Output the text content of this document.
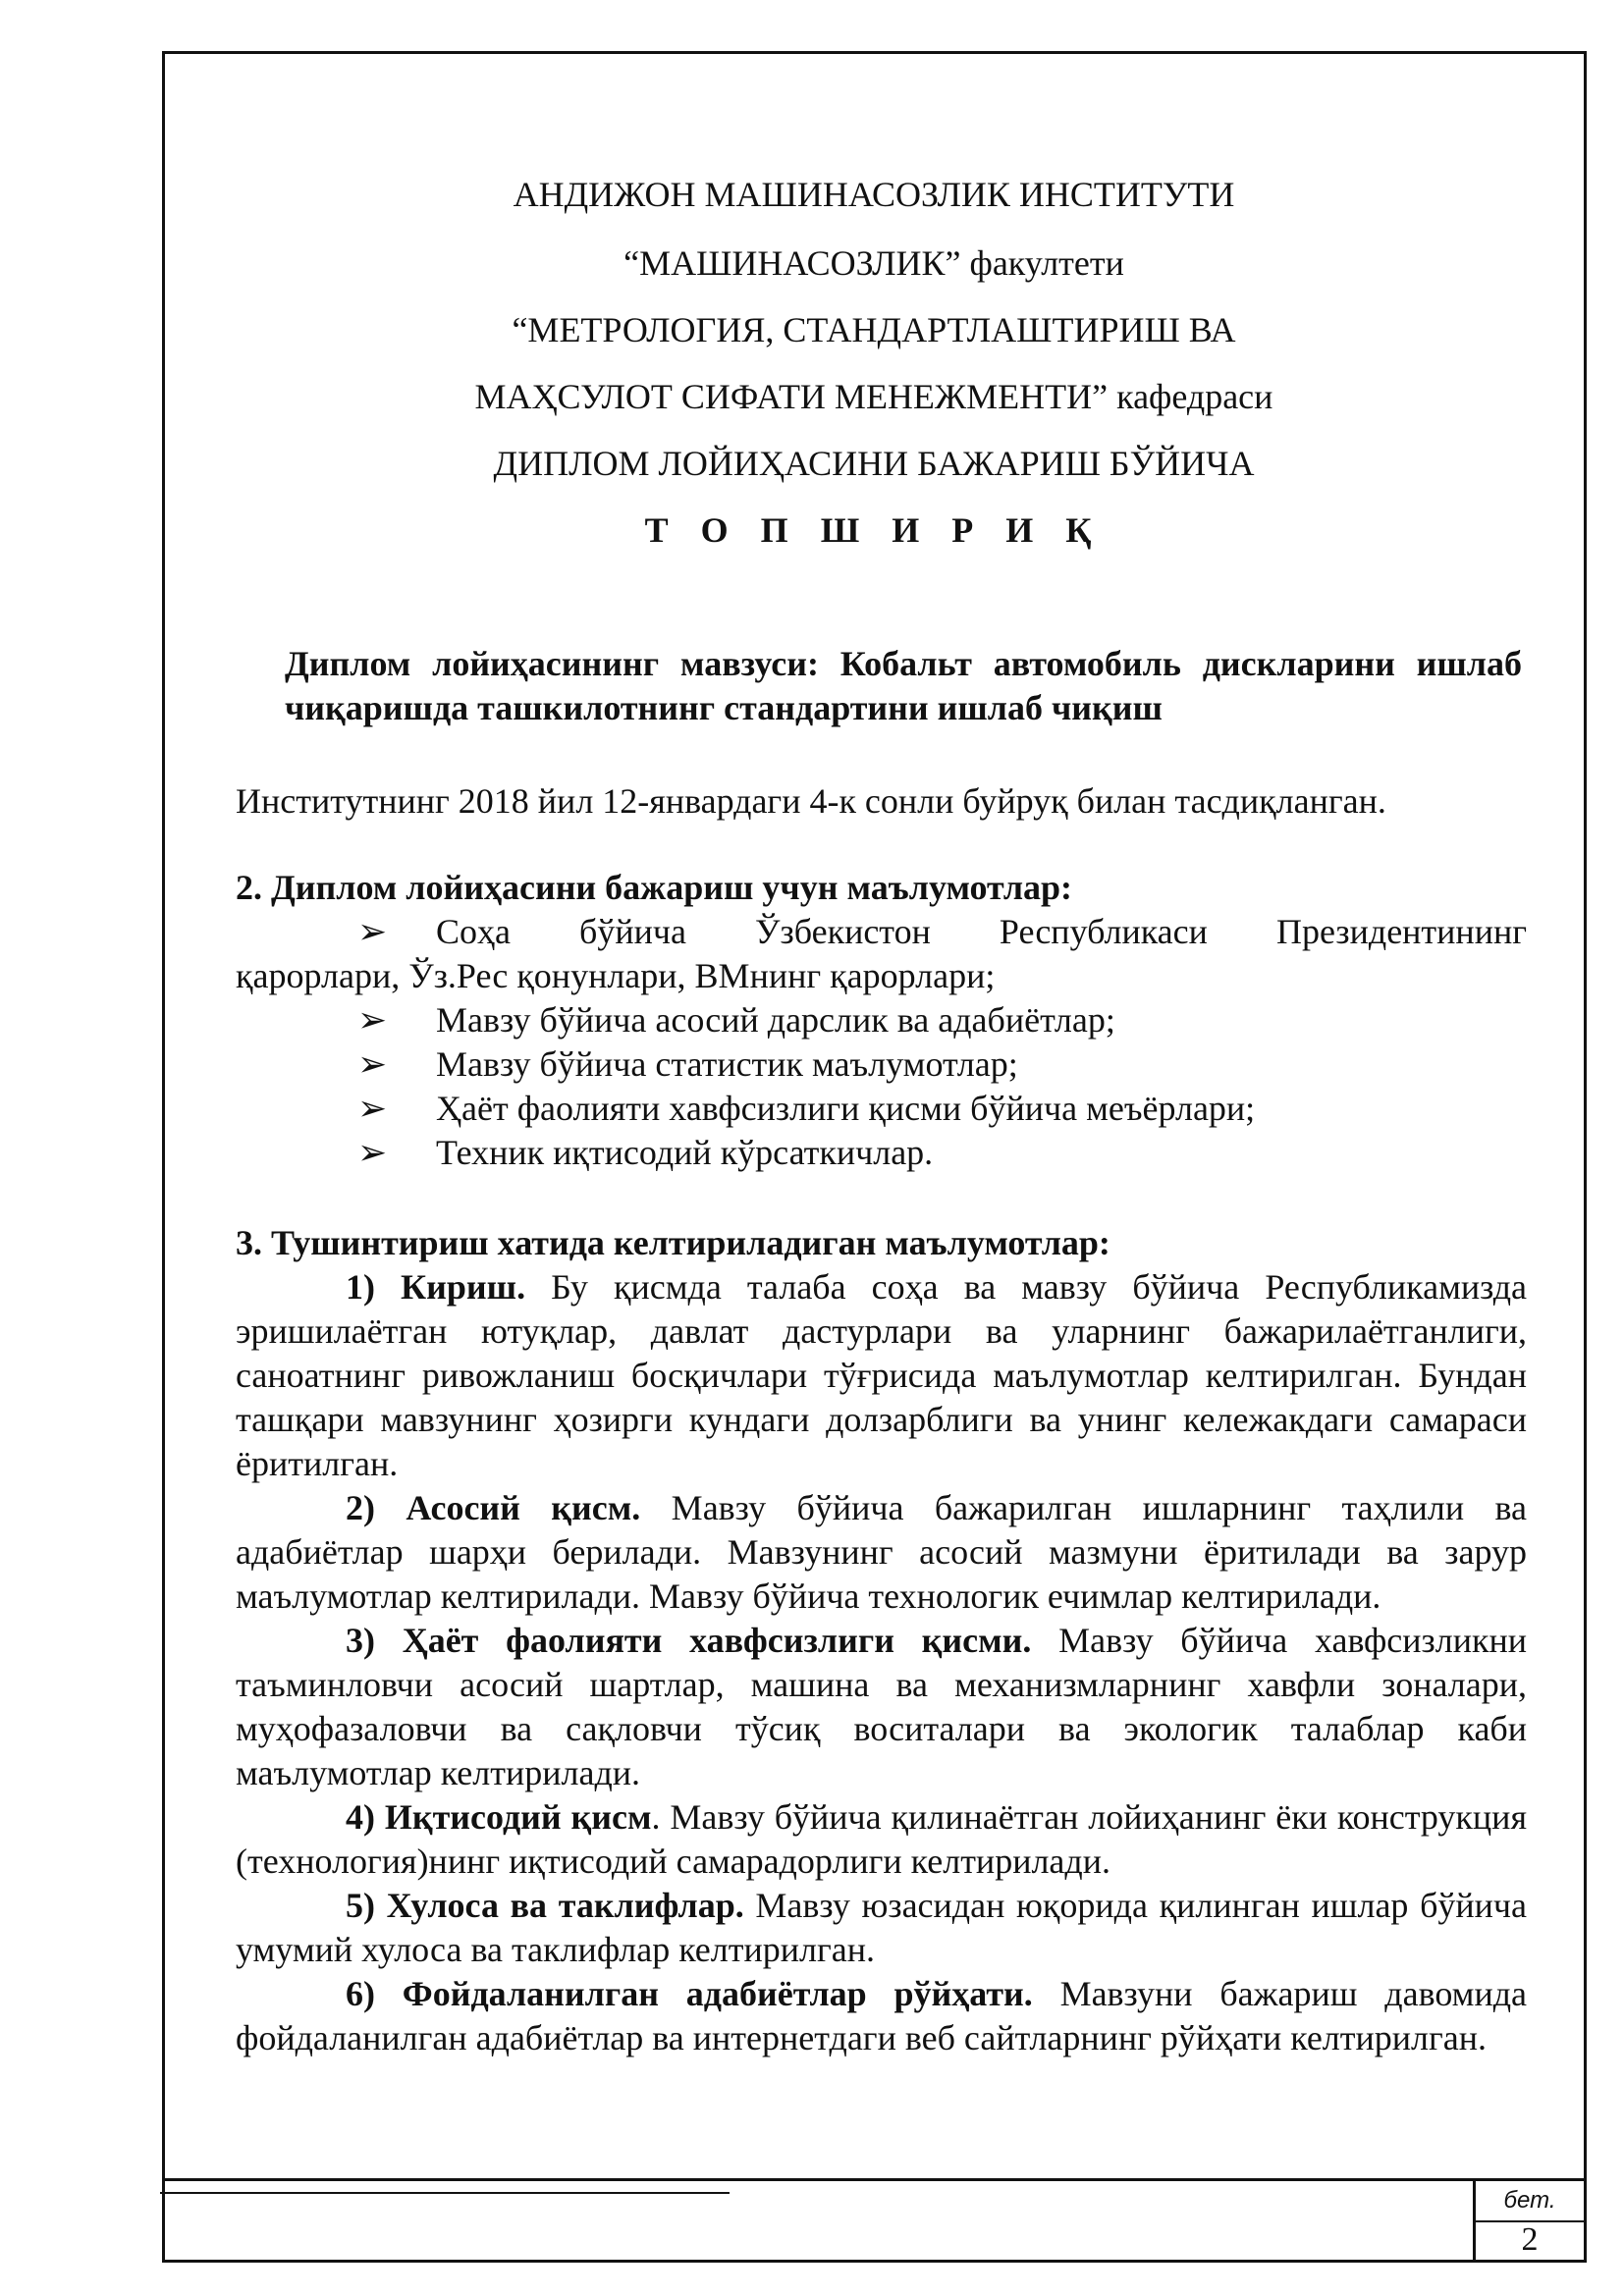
АНДИЖОН МАШИНАСОЗЛИК ИНСТИТУТИ
“МАШИНАСОЗЛИК” факултети
“МЕТРОЛОГИЯ, СТАНДАРТЛАШТИРИШ ВА
МАҲСУЛОТ СИФАТИ МЕНЕЖМЕНТИ” кафедраси
ДИПЛОМ ЛОЙИҲАСИНИ БАЖАРИШ БЎЙИЧА
Т О П Ш И Р И Қ
Диплом лойиҳасининг мавзуси: Кобальт автомобиль дискларини ишлаб чиқаришда ташкилотнинг стандартини ишлаб чиқиш
Институтнинг 2018 йил 12-январдаги 4-к сонли буйруқ билан тасдиқланган.
2. Диплом лойиҳасини бажариш учун маълумотлар:
➢	Соҳа бўйича Ўзбекистон Республикаси Президентининг
қарорлари, Ўз.Рес қонунлари, ВМнинг қарорлари;
➢	Мавзу бўйича асосий дарслик ва адабиётлар;
➢	Мавзу бўйича статистик маълумотлар;
➢	Ҳаёт фаолияти хавфсизлиги қисми бўйича меъёрлари;
➢	Техник иқтисодий кўрсаткичлар.
3. Тушинтириш хатида келтириладиган маълумотлар:
1) Кириш. Бу қисмда талаба соҳа ва мавзу бўйича Республикамизда эришилаётган ютуқлар, давлат дастурлари ва уларнинг бажарилаётганлиги, саноатнинг ривожланиш босқичлари тўғрисида маълумотлар келтирилган. Бундан ташқари мавзунинг ҳозирги кундаги долзарблиги ва унинг кележакдаги самараси ёритилган.
2) Асосий қисм. Мавзу бўйича бажарилган ишларнинг таҳлили ва адабиётлар шарҳи берилади. Мавзунинг асосий мазмуни ёритилади ва зарур маълумотлар келтирилади. Мавзу бўйича технологик ечимлар келтирилади.
3) Ҳаёт фаолияти хавфсизлиги қисми. Мавзу бўйича хавфсизликни таъминловчи асосий шартлар, машина ва механизмларнинг хавфли зоналари, муҳофазаловчи ва сақловчи тўсиқ воситалари ва экологик талаблар каби маълумотлар келтирилади.
4) Иқтисодий қисм. Мавзу бўйича қилинаётган лойиҳанинг ёки конструкция (технология)нинг иқтисодий самарадорлиги келтирилади.
5) Хулоса ва таклифлар. Мавзу юзасидан юқорида қилинган ишлар бўйича умумий хулоса ва таклифлар келтирилган.
6) Фойдаланилган адабиётлар рўйҳати. Мавзуни бажариш давомида фойдаланилган адабиётлар ва интернетдаги веб сайтларнинг рўйҳати келтирилган.
бет.
2
